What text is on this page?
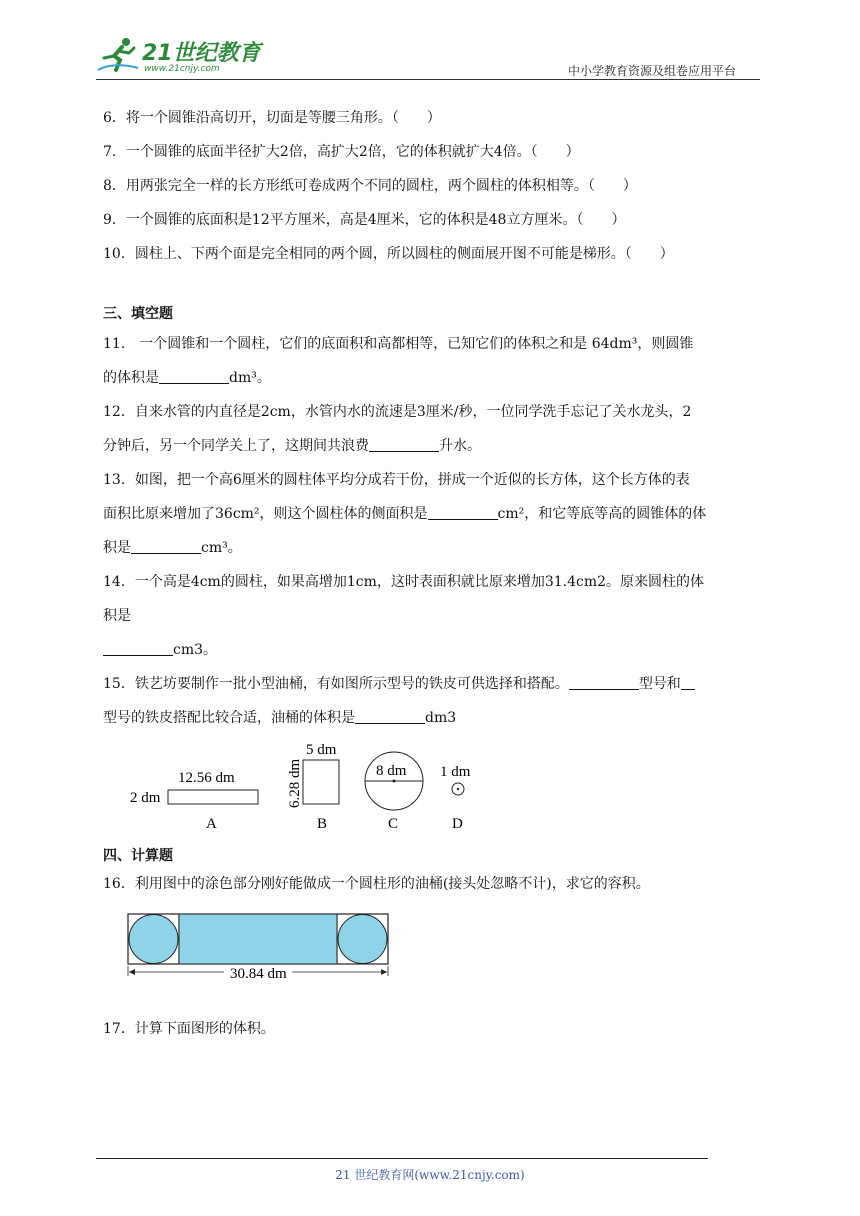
21世纪教育
www.21cnjy.com	中小学教育资源及组卷应用平台
6．将一个圆锥沿高切开，切面是等腰三角形。（　　）
7．一个圆锥的底面半径扩大2倍，高扩大2倍，它的体积就扩大4倍。（　　）
8．用两张完全一样的长方形纸可卷成两个不同的圆柱，两个圆柱的体积相等。（　　）
9．一个圆锥的底面积是12平方厘米，高是4厘米，它的体积是48立方厘米。（　　）
10．圆柱上、下两个面是完全相同的两个圆，所以圆柱的侧面展开图不可能是梯形。（　　）
三、填空题
11． 一个圆锥和一个圆柱，它们的底面积和高都相等，已知它们的体积之和是 64dm³，则圆锥
的体积是	dm³。
12．自来水管的内直径是2cm，水管内水的流速是3厘米/秒，一位同学洗手忘记了关水龙头，2
分钟后，另一个同学关上了，这期间共浪费	升水。
13．如图，把一个高6厘米的圆柱体平均分成若干份，拼成一个近似的长方体，这个长方体的表
面积比原来增加了36cm²，则这个圆柱体的侧面积是	cm²，和它等底等高的圆锥体的体
积是	cm³。
14．一个高是4cm的圆柱，如果高增加1cm，这时表面积就比原来增加31.4cm2。原来圆柱的体
积是
cm3。
15．铁艺坊要制作一批小型油桶，有如图所示型号的铁皮可供选择和搭配。	型号和
型号的铁皮搭配比较合适，油桶的体积是	dm3
12.56 dm
2 dm
A
5 dm
6.28 dm
B
8 dm
C
1 dm
D
四、计算题
16．利用图中的涂色部分刚好能做成一个圆柱形的油桶(接头处忽略不计)，求它的容积。
30.84 dm
17．计算下面图形的体积。
21 世纪教育网(www.21cnjy.com)
